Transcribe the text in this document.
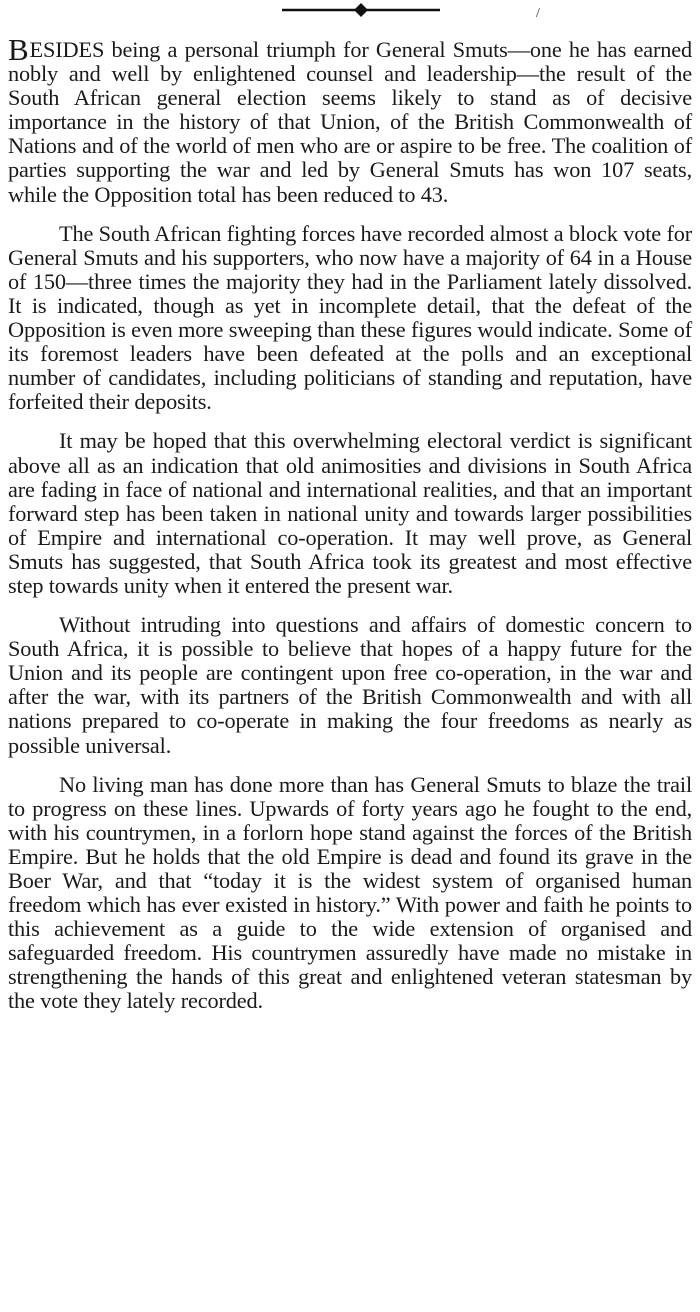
/

BESIDES being a personal triumph for General Smuts—one he has earned nobly and well by enlightened counsel and leadership—the result of the South African general election seems likely to stand as of decisive importance in the history of that Union, of the British Commonwealth of Nations and of the world of men who are or aspire to be free. The coalition of parties supporting the war and led by General Smuts has won 107 seats, while the Opposition total has been reduced to 43.

The South African fighting forces have recorded almost a block vote for General Smuts and his supporters, who now have a majority of 64 in a House of 150—three times the majority they had in the Parliament lately dissolved. It is indicated, though as yet in incomplete detail, that the defeat of the Opposition is even more sweeping than these figures would indicate. Some of its foremost leaders have been defeated at the polls and an exceptional number of candidates, including politicians of standing and reputation, have forfeited their deposits.

It may be hoped that this overwhelming electoral verdict is significant above all as an indication that old animosities and divisions in South Africa are fading in face of national and international realities, and that an important forward step has been taken in national unity and towards larger possibilities of Empire and international co-operation. It may well prove, as General Smuts has suggested, that South Africa took its greatest and most effective step towards unity when it entered the present war.

Without intruding into questions and affairs of domestic concern to South Africa, it is possible to believe that hopes of a happy future for the Union and its people are contingent upon free co-operation, in the war and after the war, with its partners of the British Commonwealth and with all nations prepared to co-operate in making the four freedoms as nearly as possible universal.

No living man has done more than has General Smuts to blaze the trail to progress on these lines. Upwards of forty years ago he fought to the end, with his countrymen, in a forlorn hope stand against the forces of the British Empire. But he holds that the old Empire is dead and found its grave in the Boer War, and that “today it is the widest system of organised human freedom which has ever existed in history.” With power and faith he points to this achievement as a guide to the wide extension of organised and safeguarded freedom. His countrymen assuredly have made no mistake in strengthening the hands of this great and enlightened veteran statesman by the vote they lately recorded.
